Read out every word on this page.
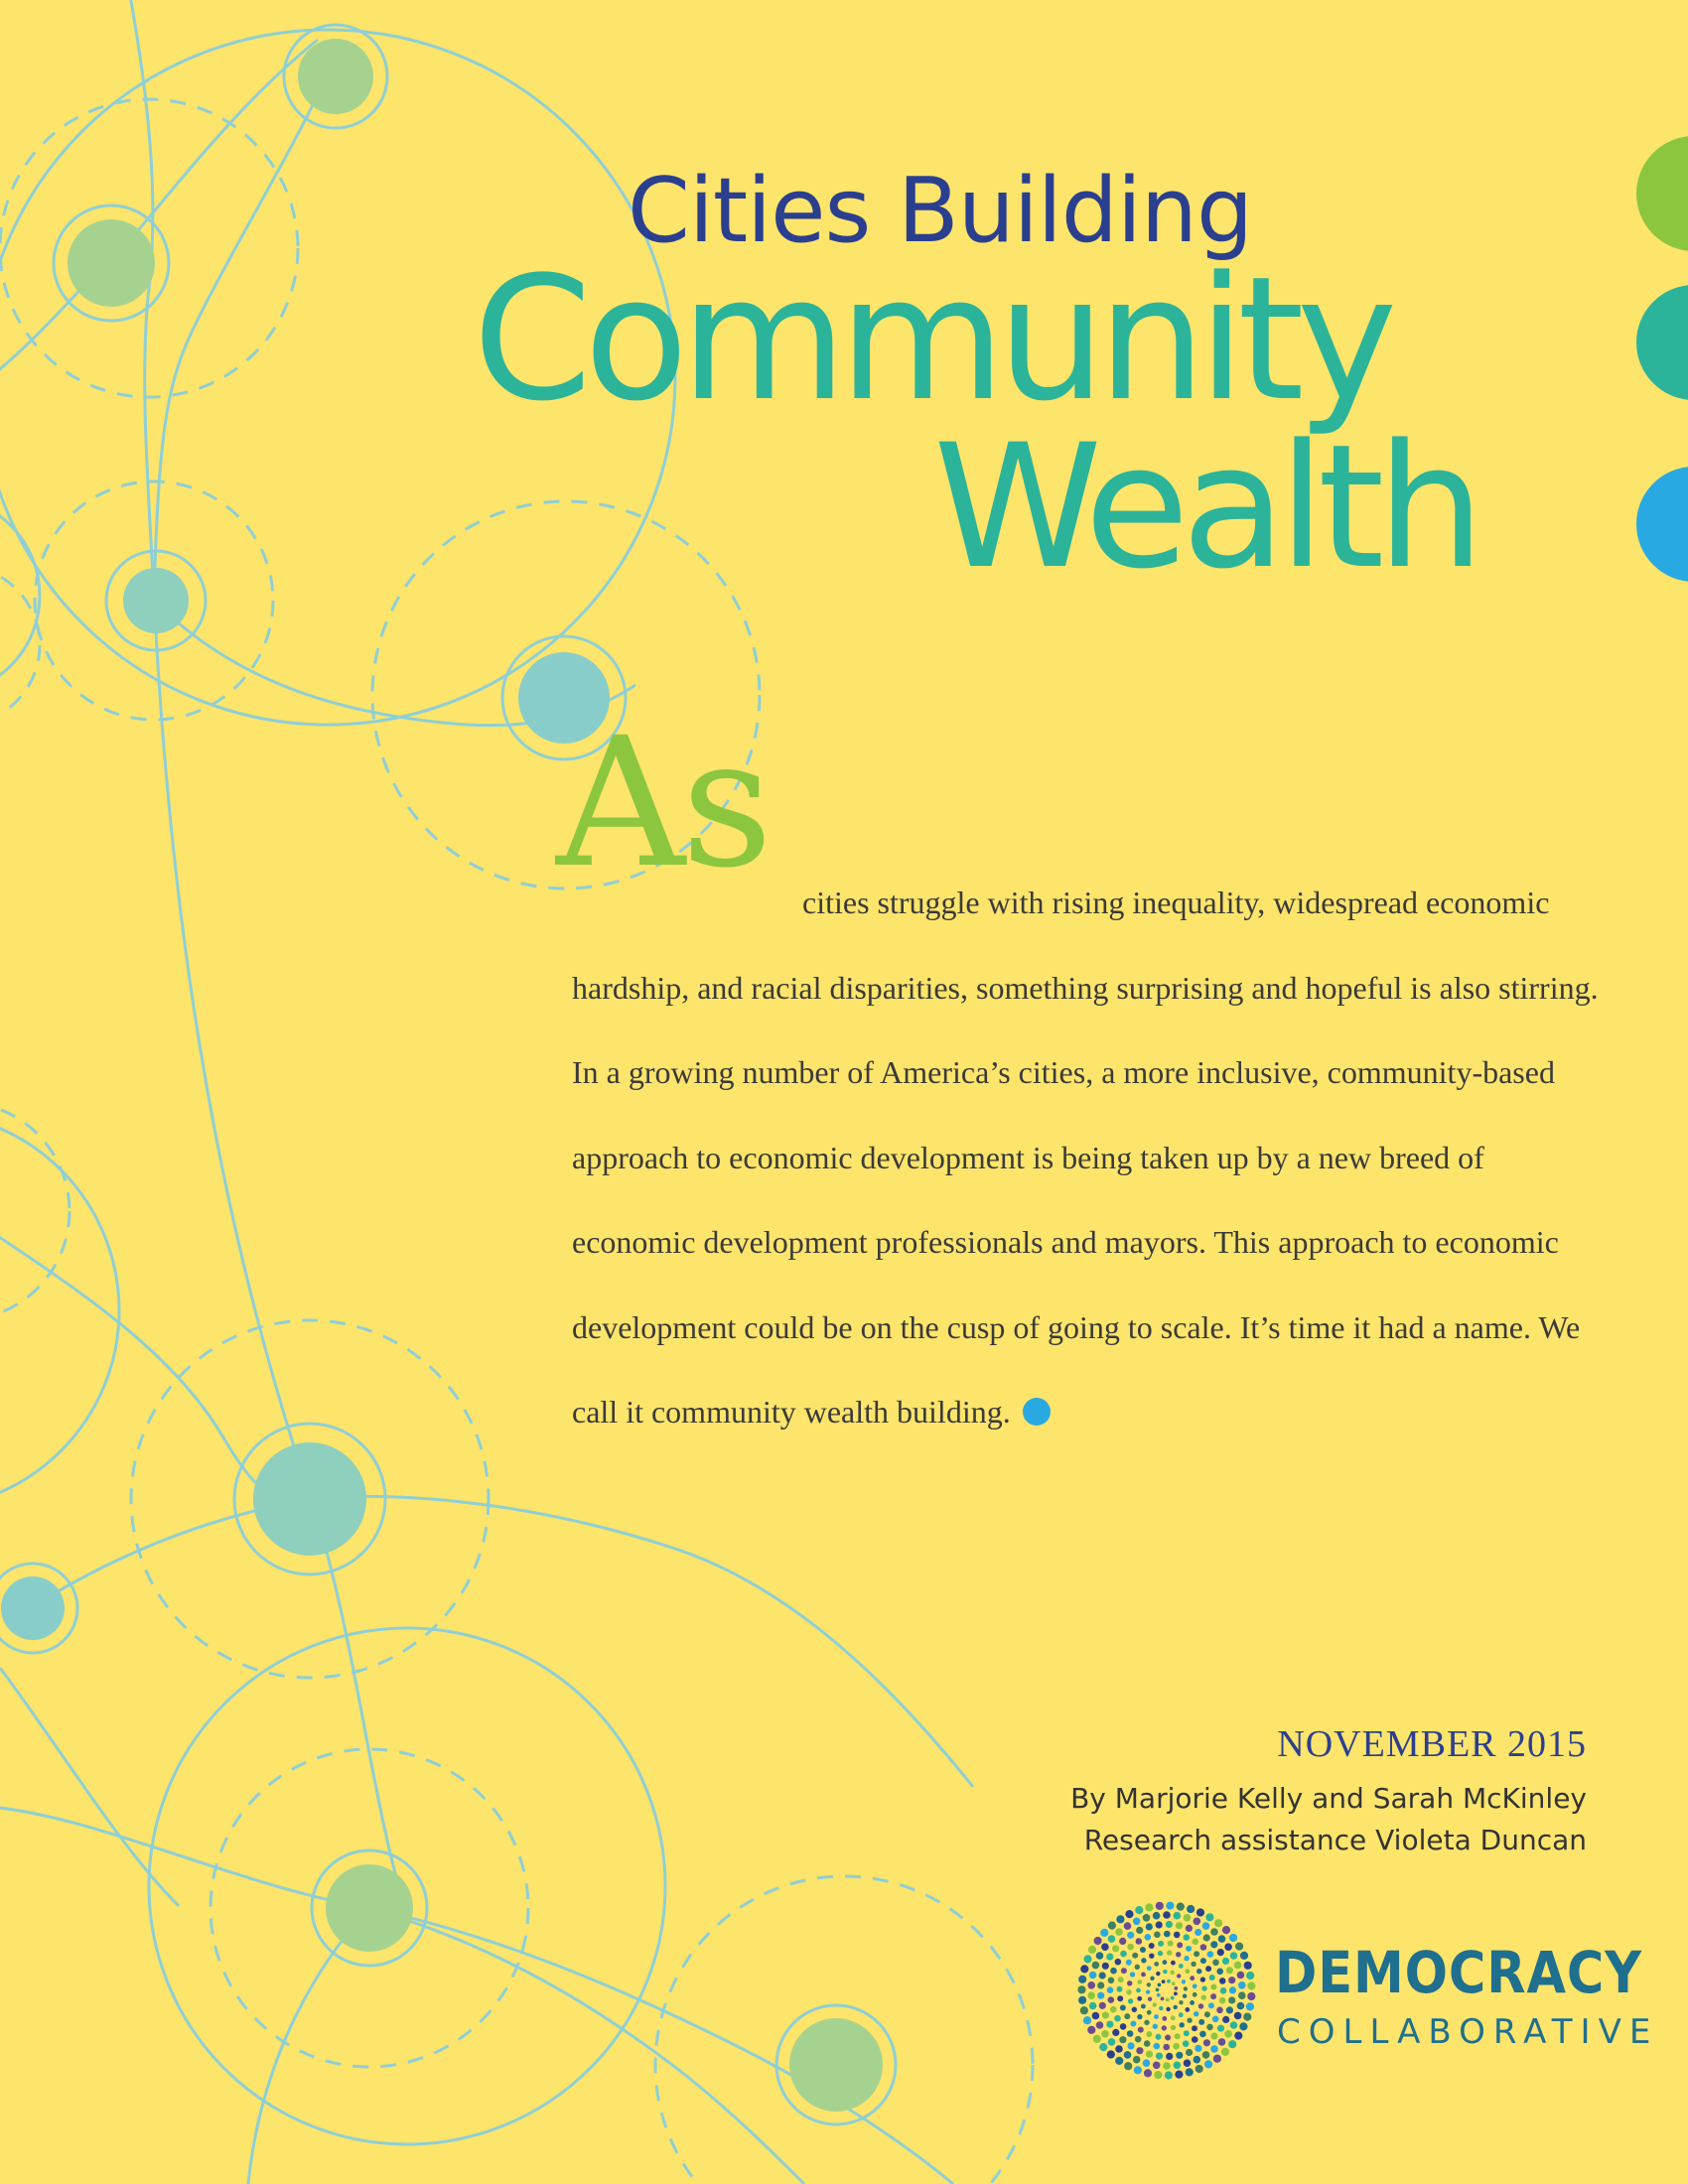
Cities Building
Community
Wealth
As	cities struggle with rising inequality, widespread economic hardship, and racial disparities, something surprising and hopeful is also stirring. In a growing number of America’s cities, a more inclusive, community-based approach to economic development is being taken up by a new breed of economic development professionals and mayors. This approach to economic development could be on the cusp of going to scale. It’s time it had a name. We call it community wealth building.

NOVEMBER 2015
By Marjorie Kelly and Sarah McKinley
Research assistance Violeta Duncan
DEMOCRACY
COLLABORATIVE
